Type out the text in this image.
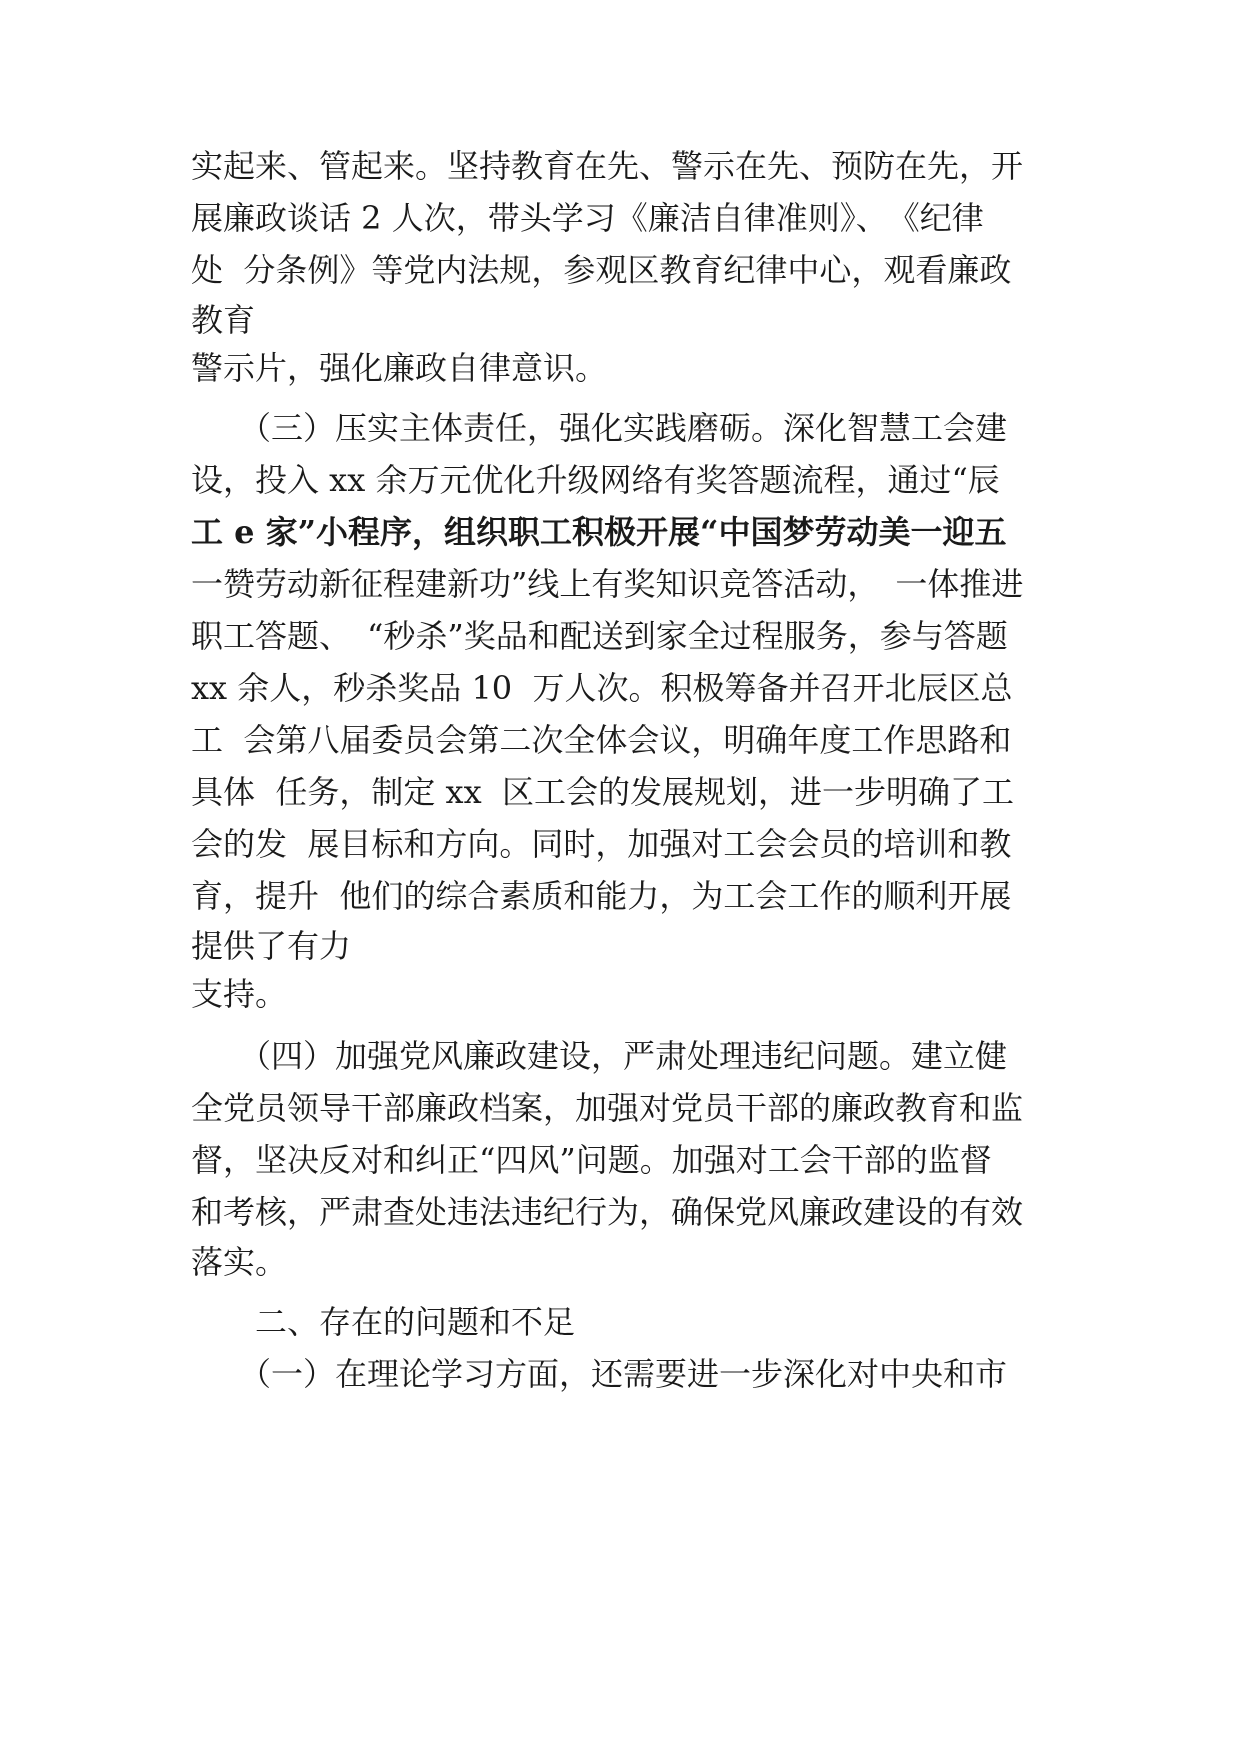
实起来、管起来。坚持教育在先、警示在先、预防在先，开

展廉政谈话 2 人次，带头学习《廉洁自律准则》、　《纪律

处  分条例》等党内法规，参观区教育纪律中心，观看廉政

教育

警示片，强化廉政自律意识。

　　（三）压实主体责任，强化实践磨砺。深化智慧工会建

设，投入 xx 余万元优化升级网络有奖答题流程，通过“辰

工 e 家”小程序，组织职工积极开展“中国梦劳动美一迎五

一赞劳动新征程建新功”线上有奖知识竞答活动，　一体推进

职工答题、　“秒杀”奖品和配送到家全过程服务，参与答题

xx 余人，秒杀奖品 10  万人次。积极筹备并召开北辰区总

工  会第八届委员会第二次全体会议，明确年度工作思路和

具体  任务，制定 xx  区工会的发展规划，进一步明确了工

会的发  展目标和方向。同时，加强对工会会员的培训和教

育，提升  他们的综合素质和能力，为工会工作的顺利开展

提供了有力

支持。

　　（四）加强党风廉政建设，严肃处理违纪问题。建立健

全党员领导干部廉政档案，加强对党员干部的廉政教育和监

督，坚决反对和纠正“四风”问题。加强对工会干部的监督

和考核，严肃查处违法违纪行为，确保党风廉政建设的有效

落实。

　　二、存在的问题和不足

　　（一）在理论学习方面，还需要进一步深化对中央和市
